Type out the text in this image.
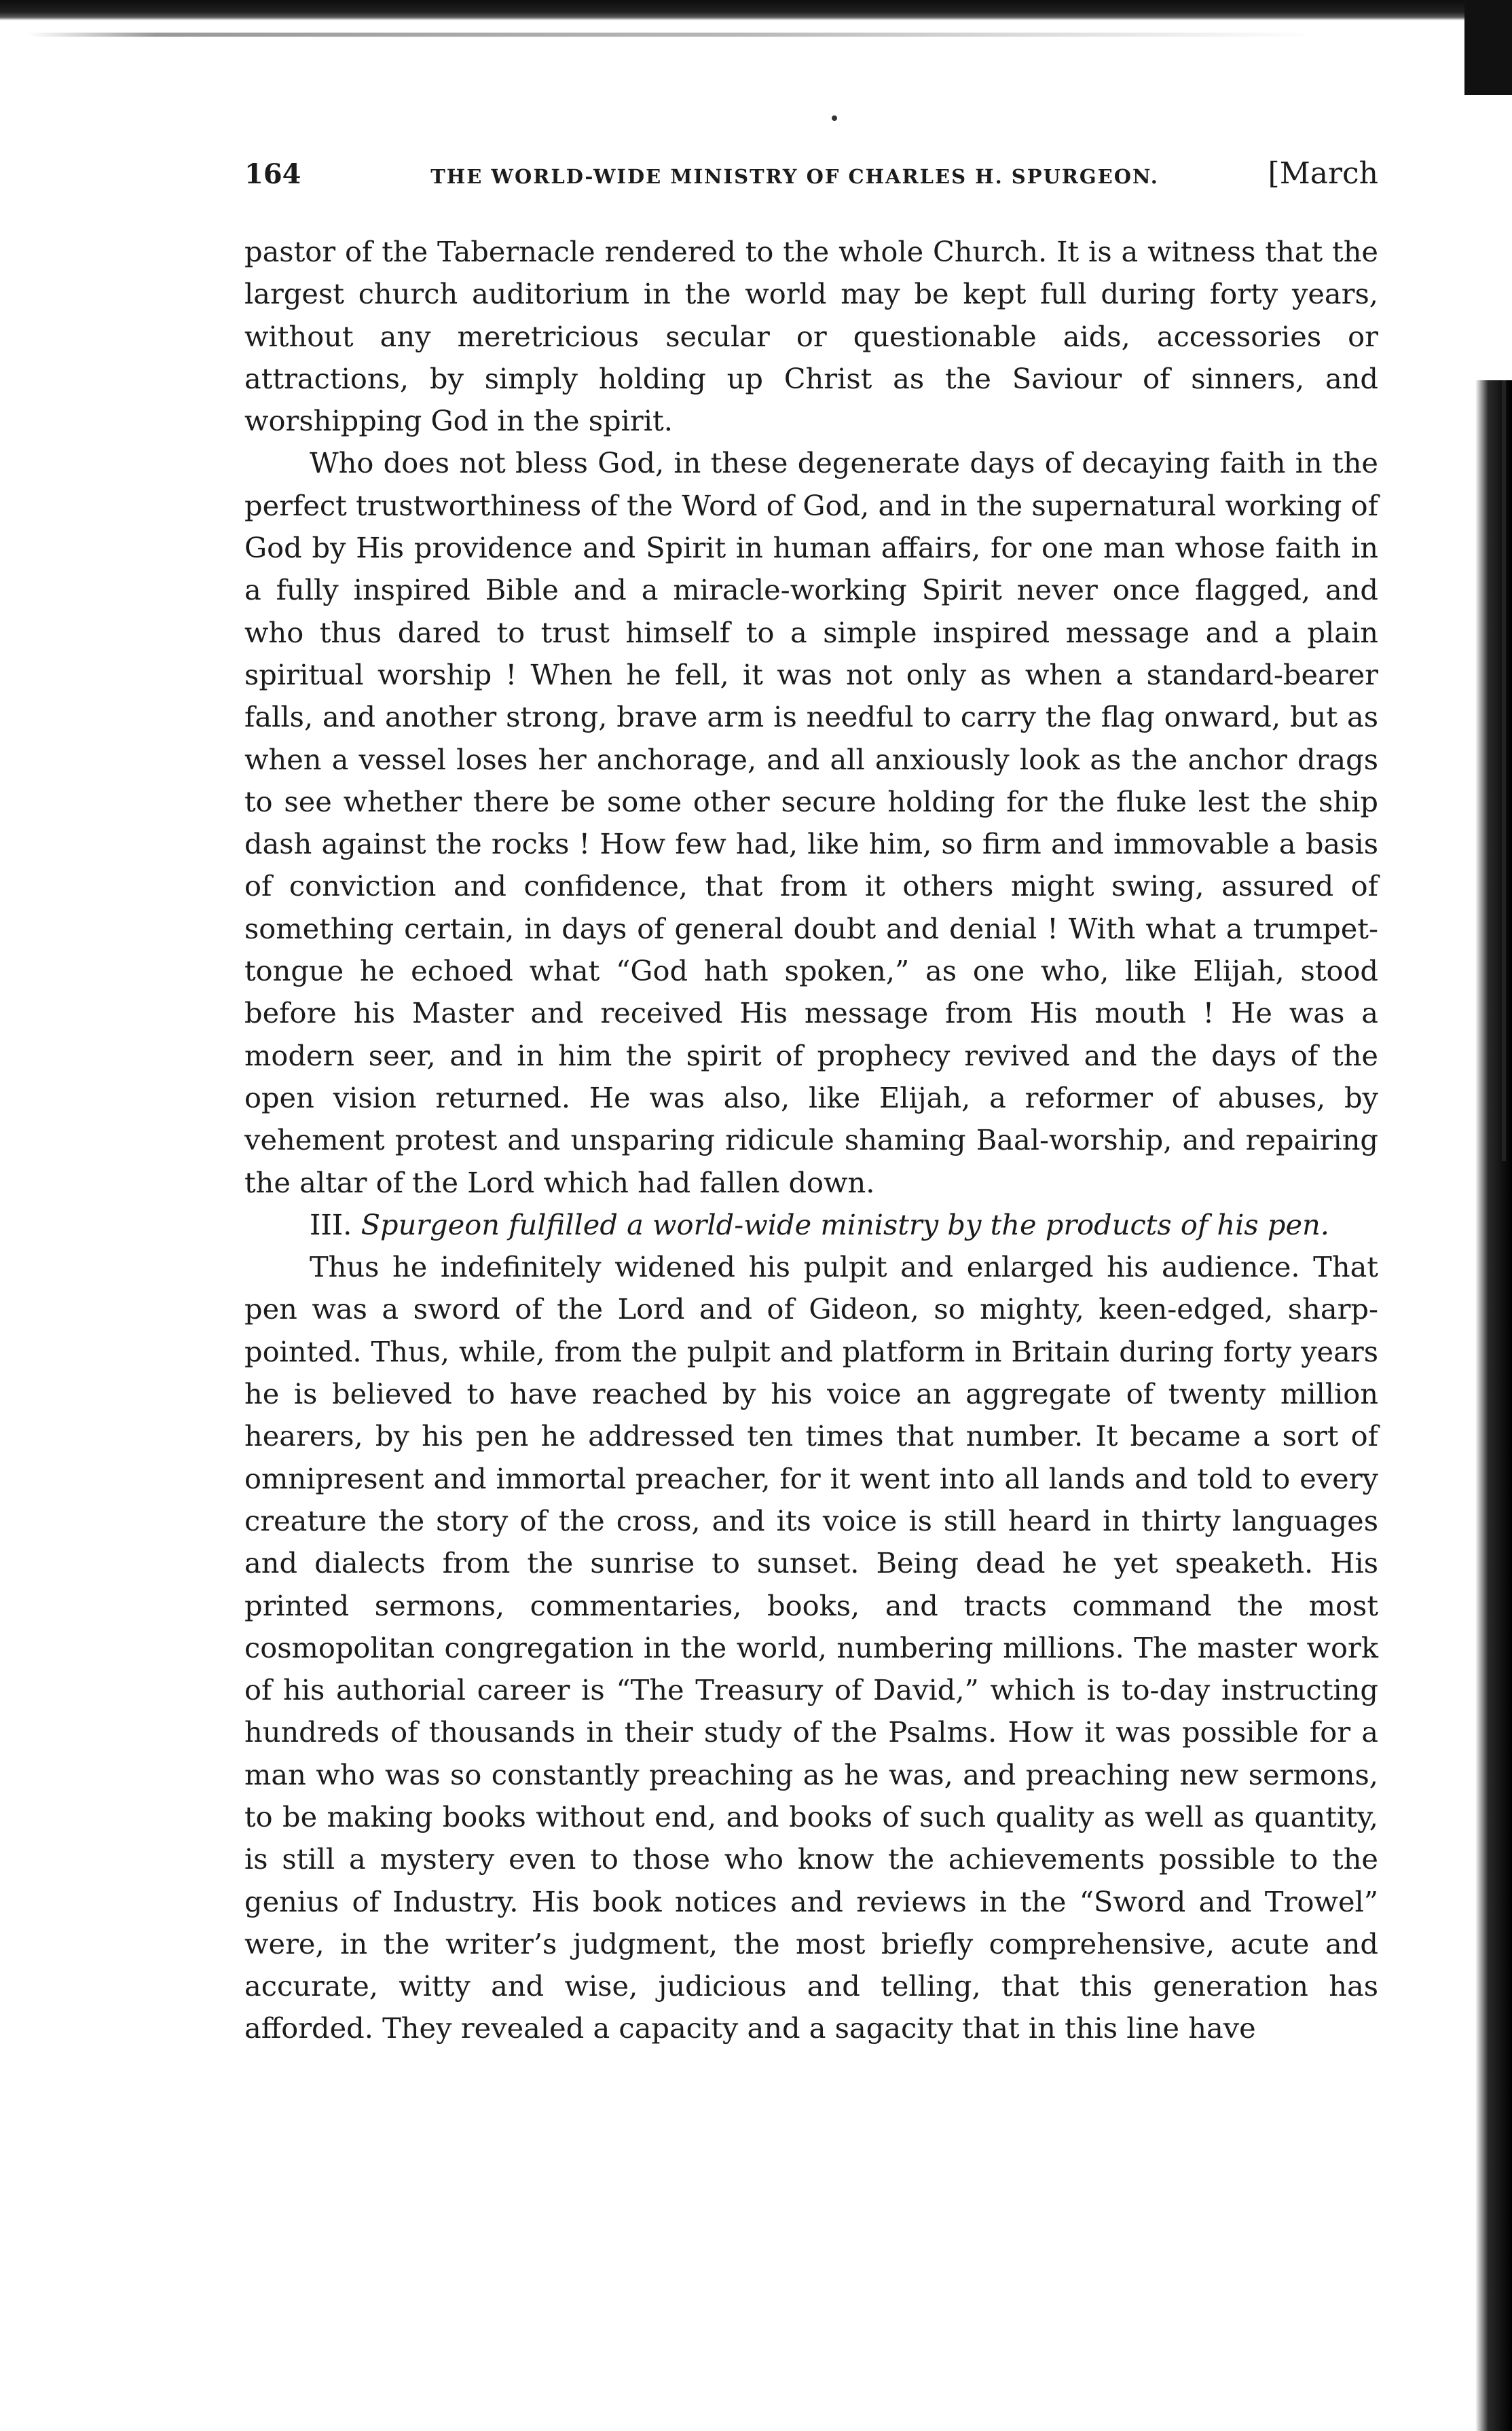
164	THE WORLD-WIDE MINISTRY OF CHARLES H. SPURGEON.	[March

pastor of the Tabernacle rendered to the whole Church. It is a witness that the largest church auditorium in the world may be kept full during forty years, without any meretricious secular or questionable aids, accessories or attractions, by simply holding up Christ as the Saviour of sinners, and worshipping God in the spirit.

Who does not bless God, in these degenerate days of decaying faith in the perfect trustworthiness of the Word of God, and in the supernatural working of God by His providence and Spirit in human affairs, for one man whose faith in a fully inspired Bible and a miracle-working Spirit never once flagged, and who thus dared to trust himself to a simple inspired message and a plain spiritual worship ! When he fell, it was not only as when a standard-bearer falls, and another strong, brave arm is needful to carry the flag onward, but as when a vessel loses her anchorage, and all anxiously look as the anchor drags to see whether there be some other secure holding for the fluke lest the ship dash against the rocks ! How few had, like him, so firm and immovable a basis of conviction and confidence, that from it others might swing, assured of something certain, in days of general doubt and denial ! With what a trumpet-tongue he echoed what “God hath spoken,” as one who, like Elijah, stood before his Master and received His message from His mouth ! He was a modern seer, and in him the spirit of prophecy revived and the days of the open vision returned. He was also, like Elijah, a reformer of abuses, by vehement protest and unsparing ridicule shaming Baal-worship, and repairing the altar of the Lord which had fallen down.

III. Spurgeon fulfilled a world-wide ministry by the products of his pen.

Thus he indefinitely widened his pulpit and enlarged his audience. That pen was a sword of the Lord and of Gideon, so mighty, keen-edged, sharp-pointed. Thus, while, from the pulpit and platform in Britain during forty years he is believed to have reached by his voice an aggregate of twenty million hearers, by his pen he addressed ten times that number. It became a sort of omnipresent and immortal preacher, for it went into all lands and told to every creature the story of the cross, and its voice is still heard in thirty languages and dialects from the sunrise to sunset. Being dead he yet speaketh. His printed sermons, commentaries, books, and tracts command the most cosmopolitan congregation in the world, numbering millions. The master work of his authorial career is “The Treasury of David,” which is to-day instructing hundreds of thousands in their study of the Psalms. How it was possible for a man who was so constantly preaching as he was, and preaching new sermons, to be making books without end, and books of such quality as well as quantity, is still a mystery even to those who know the achievements possible to the genius of Industry. His book notices and reviews in the “Sword and Trowel” were, in the writer’s judgment, the most briefly comprehensive, acute and accurate, witty and wise, judicious and telling, that this generation has afforded. They revealed a capacity and a sagacity that in this line have
